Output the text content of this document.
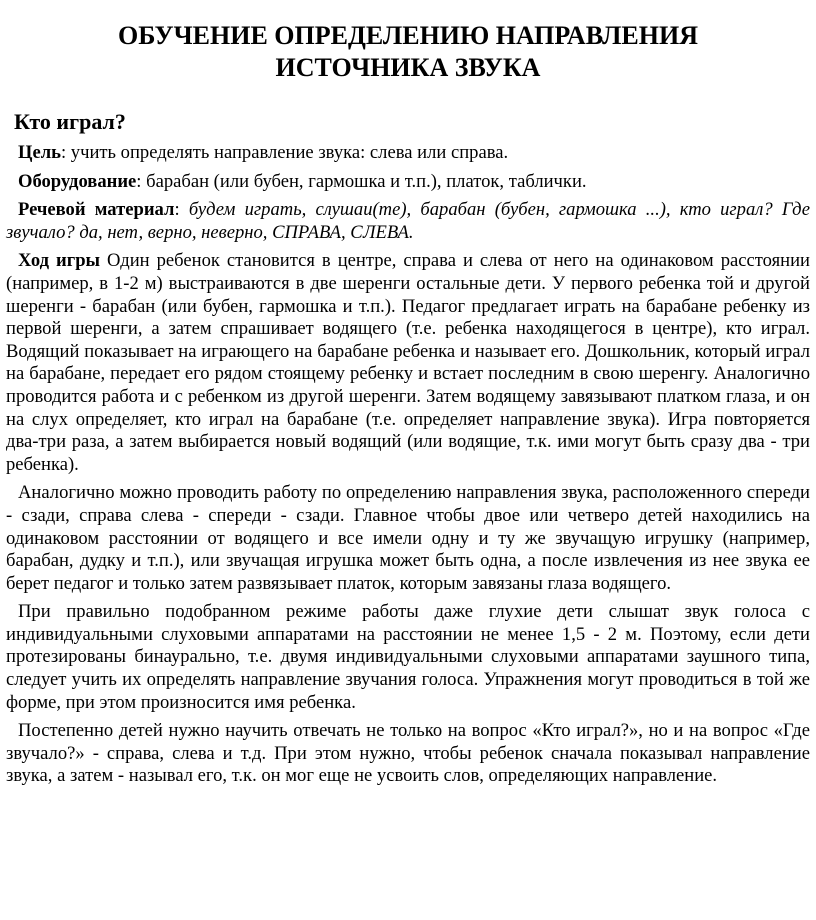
ОБУЧЕНИЕ ОПРЕДЕЛЕНИЮ НАПРАВЛЕНИЯ
ИСТОЧНИКА ЗВУКА
Кто играл?

Цель: учить определять направление звука: слева или справа.

Оборудование: барабан (или бубен, гармошка и т.п.), платок, таблички.

Речевой материал: будем играть, слушаи(те), барабан (бубен, гармошка ...), кто играл? Где звучало? да, нет, верно, неверно, СПРАВА, СЛЕВА.

Ход игры Один ребенок становится в центре, справа и слева от него на одинаковом расстоянии (например, в 1-2 м) выстраиваются в две шеренги остальные дети. У первого ребенка той и другой шеренги - барабан (или бубен, гармошка и т.п.). Педагог предлагает играть на барабане ребенку из первой шеренги, а затем спрашивает водящего (т.е. ребенка находящегося в центре), кто играл. Водящий показывает на играющего на барабане ребенка и называет его. Дошкольник, который играл на барабане, передает его рядом стоящему ребенку и встает последним в свою шеренгу. Аналогично проводится работа и с ребенком из другой шеренги. Затем водящему завязывают платком глаза, и он на слух определяет, кто играл на барабане (т.е. определяет направление звука). Игра повторяется два-три раза, а затем выбирается новый водящий (или водящие, т.к. ими могут быть сразу два - три ребенка).

Аналогично можно проводить работу по определению направления звука, расположенного спереди - сзади, справа слева - спереди - сзади. Главное чтобы двое или четверо детей находились на одинаковом расстоянии от водящего и все имели одну и ту же звучащую игрушку (например, барабан, дудку и т.п.), или звучащая игрушка может быть одна, а после извлечения из нее звука ее берет педагог и только затем развязывает платок, которым завязаны глаза водящего.

При правильно подобранном режиме работы даже глухие дети слышат звук голоса с индивидуальными слуховыми аппаратами на расстоянии не менее 1,5 - 2 м. Поэтому, если дети протезированы бинаурально, т.е. двумя индивидуальными слуховыми аппаратами заушного типа, следует учить их определять направление звучания голоса. Упражнения могут проводиться в той же форме, при этом произносится имя ребенка.

Постепенно детей нужно научить отвечать не только на вопрос «Кто играл?», но и на вопрос «Где звучало?» - справа, слева и т.д. При этом нужно, чтобы ребенок сначала показывал направление звука, а затем - называл его, т.к. он мог еще не усвоить слов, определяющих направление.
